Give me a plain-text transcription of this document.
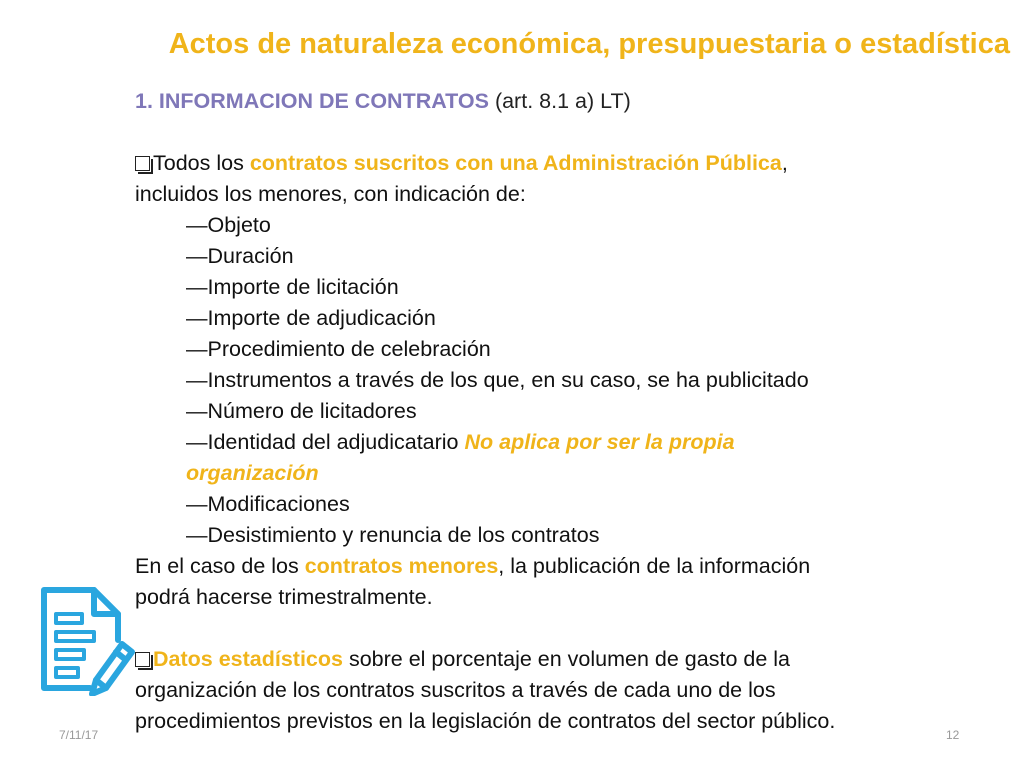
Actos de naturaleza económica, presupuestaria o estadística
1. INFORMACION DE CONTRATOS (art. 8.1 a) LT)
Todos los contratos suscritos con una Administración Pública,
incluidos los menores, con indicación de:
—Objeto
—Duración
—Importe de licitación
—Importe de adjudicación
—Procedimiento de celebración
—Instrumentos a través de los que, en su caso, se ha publicitado
—Número de licitadores
—Identidad del adjudicatario No aplica por ser la propia
organización
—Modificaciones
—Desistimiento y renuncia de los contratos
En el caso de los contratos menores, la publicación de la información
podrá hacerse trimestralmente.
Datos estadísticos sobre el porcentaje en volumen de gasto de la
organización de los contratos suscritos a través de cada uno de los
procedimientos previstos en la legislación de contratos del sector público.
7/11/17	12
